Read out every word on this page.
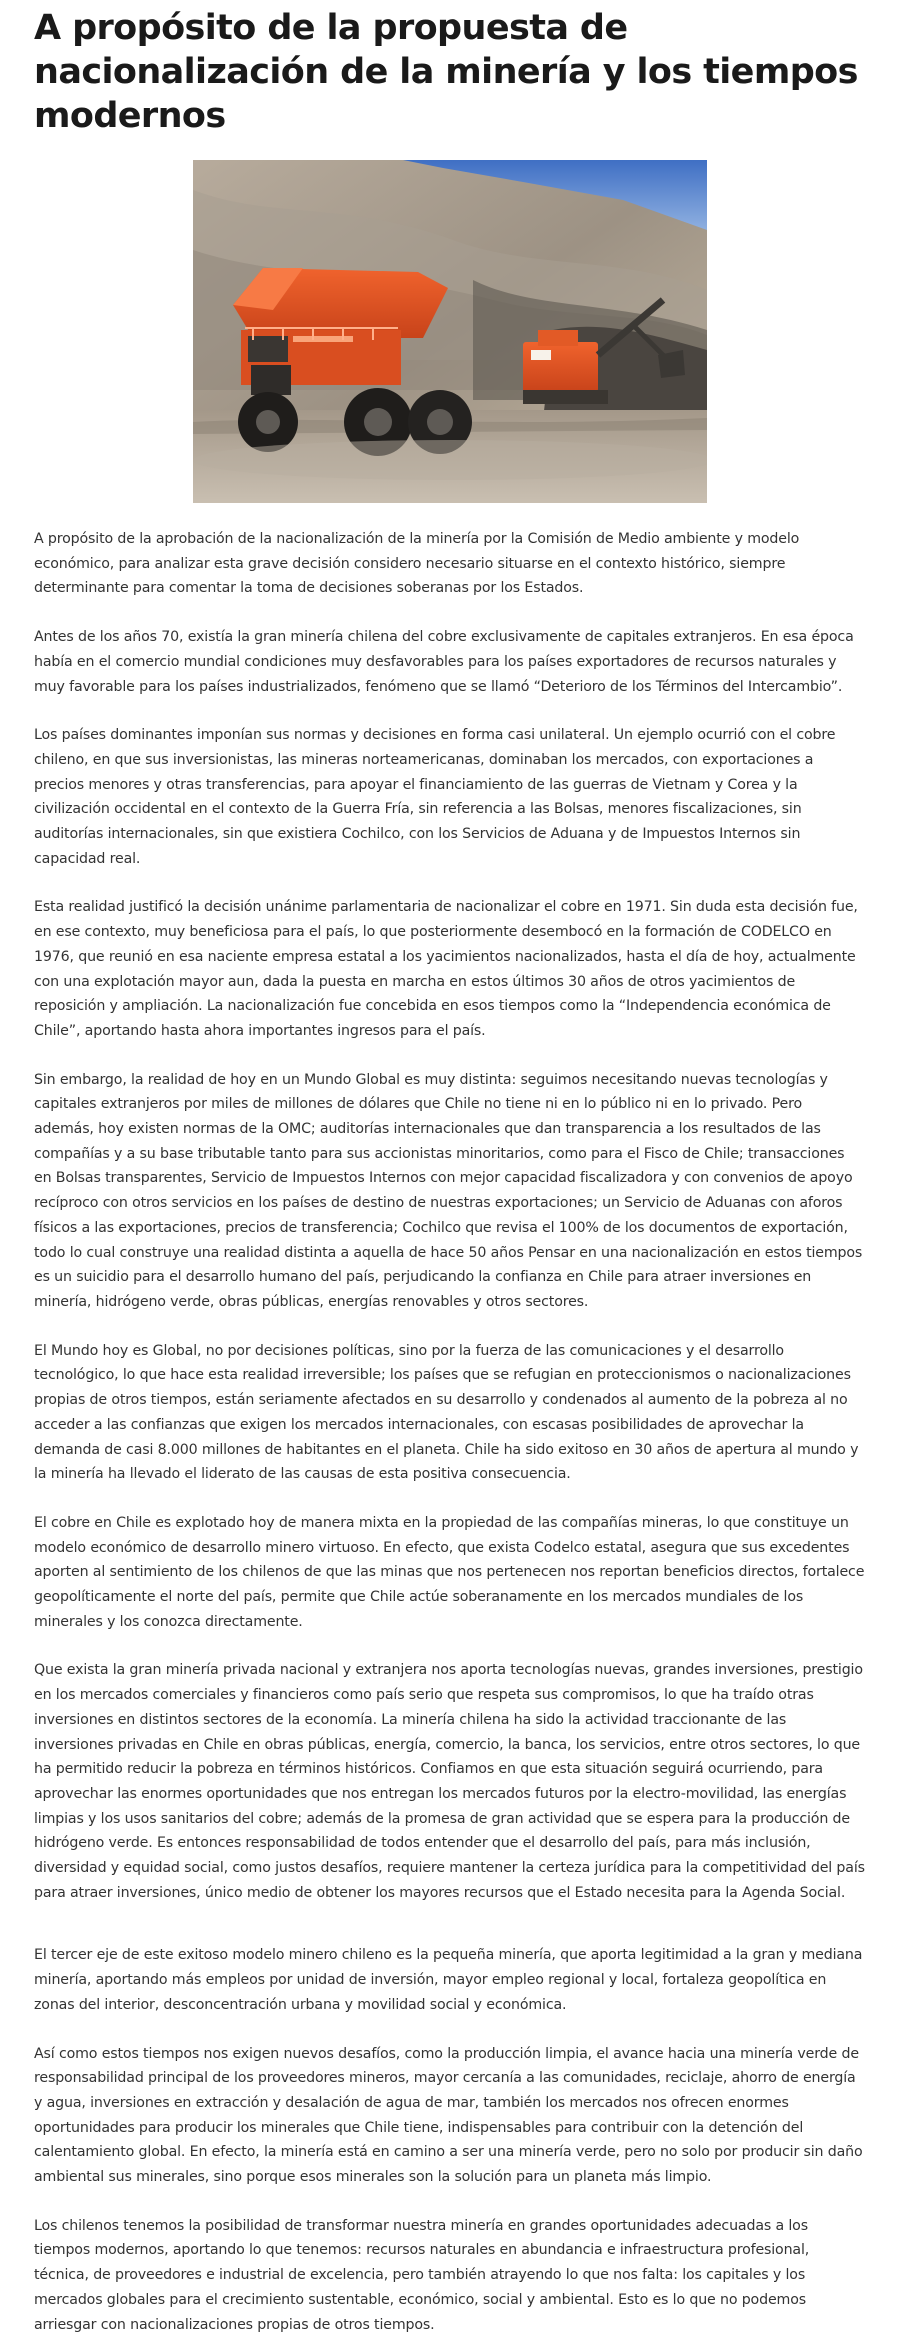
A propósito de la propuesta de nacionalización de la minería y los tiempos modernos

A propósito de la aprobación de la nacionalización de la minería por la Comisión de Medio ambiente y modelo económico, para analizar esta grave decisión considero necesario situarse en el contexto histórico, siempre determinante para comentar la toma de decisiones soberanas por los Estados.

Antes de los años 70, existía la gran minería chilena del cobre exclusivamente de capitales extranjeros. En esa época había en el comercio mundial condiciones muy desfavorables para los países exportadores de recursos naturales y muy favorable para los países industrializados, fenómeno que se llamó “Deterioro de los Términos del Intercambio”.

Los países dominantes imponían sus normas y decisiones en forma casi unilateral. Un ejemplo ocurrió con el cobre chileno, en que sus inversionistas, las mineras norteamericanas, dominaban los mercados, con exportaciones a precios menores y otras transferencias, para apoyar el financiamiento de las guerras de Vietnam y Corea y la civilización occidental en el contexto de la Guerra Fría, sin referencia a las Bolsas, menores fiscalizaciones, sin auditorías internacionales, sin que existiera Cochilco, con los Servicios de Aduana y de Impuestos Internos sin capacidad real.

Esta realidad justificó la decisión unánime parlamentaria de nacionalizar el cobre en 1971. Sin duda esta decisión fue, en ese contexto, muy beneficiosa para el país, lo que posteriormente desembocó en la formación de CODELCO en 1976, que reunió en esa naciente empresa estatal a los yacimientos nacionalizados, hasta el día de hoy, actualmente con una explotación mayor aun, dada la puesta en marcha en estos últimos 30 años de otros yacimientos de reposición y ampliación. La nacionalización fue concebida en esos tiempos como la “Independencia económica de Chile”, aportando hasta ahora importantes ingresos para el país.

Sin embargo, la realidad de hoy en un Mundo Global es muy distinta: seguimos necesitando nuevas tecnologías y capitales extranjeros por miles de millones de dólares que Chile no tiene ni en lo público ni en lo privado. Pero además, hoy existen normas de la OMC; auditorías internacionales que dan transparencia a los resultados de las compañías y a su base tributable tanto para sus accionistas minoritarios, como para el Fisco de Chile; transacciones en Bolsas transparentes, Servicio de Impuestos Internos con mejor capacidad fiscalizadora y con convenios de apoyo recíproco con otros servicios en los países de destino de nuestras exportaciones; un Servicio de Aduanas con aforos físicos a las exportaciones, precios de transferencia; Cochilco que revisa el 100% de los documentos de exportación, todo lo cual construye una realidad distinta a aquella de hace 50 años Pensar en una nacionalización en estos tiempos es un suicidio para el desarrollo humano del país, perjudicando la confianza en Chile para atraer inversiones en minería, hidrógeno verde, obras públicas, energías renovables y otros sectores.

El Mundo hoy es Global, no por decisiones políticas, sino por la fuerza de las comunicaciones y el desarrollo tecnológico, lo que hace esta realidad irreversible; los países que se refugian en proteccionismos o nacionalizaciones propias de otros tiempos, están seriamente afectados en su desarrollo y condenados al aumento de la pobreza al no acceder a las confianzas que exigen los mercados internacionales, con escasas posibilidades de aprovechar la demanda de casi 8.000 millones de habitantes en el planeta. Chile ha sido exitoso en 30 años de apertura al mundo y la minería ha llevado el liderato de las causas de esta positiva consecuencia.

El cobre en Chile es explotado hoy de manera mixta en la propiedad de las compañías mineras, lo que constituye un modelo económico de desarrollo minero virtuoso. En efecto, que exista Codelco estatal, asegura que sus excedentes aporten al sentimiento de los chilenos de que las minas que nos pertenecen nos reportan beneficios directos, fortalece geopolíticamente el norte del país, permite que Chile actúe soberanamente en los mercados mundiales de los minerales y los conozca directamente.

Que exista la gran minería privada nacional y extranjera nos aporta tecnologías nuevas, grandes inversiones, prestigio en los mercados comerciales y financieros como país serio que respeta sus compromisos, lo que ha traído otras inversiones en distintos sectores de la economía. La minería chilena ha sido la actividad traccionante de las inversiones privadas en Chile en obras públicas, energía, comercio, la banca, los servicios, entre otros sectores, lo que ha permitido reducir la pobreza en términos históricos. Confiamos en que esta situación seguirá ocurriendo, para aprovechar las enormes oportunidades que nos entregan los mercados futuros por la electro-movilidad, las energías limpias y los usos sanitarios del cobre; además de la promesa de gran actividad que se espera para la producción de hidrógeno verde. Es entonces responsabilidad de todos entender que el desarrollo del país, para más inclusión, diversidad y equidad social, como justos desafíos, requiere mantener la certeza jurídica para la competitividad del país para atraer inversiones, único medio de obtener los mayores recursos que el Estado necesita para la Agenda Social.

El tercer eje de este exitoso modelo minero chileno es la pequeña minería, que aporta legitimidad a la gran y mediana minería, aportando más empleos por unidad de inversión, mayor empleo regional y local, fortaleza geopolítica en zonas del interior, desconcentración urbana y movilidad social y económica.

Así como estos tiempos nos exigen nuevos desafíos, como la producción limpia, el avance hacia una minería verde de responsabilidad principal de los proveedores mineros, mayor cercanía a las comunidades, reciclaje, ahorro de energía y agua, inversiones en extracción y desalación de agua de mar, también los mercados nos ofrecen enormes oportunidades para producir los minerales que Chile tiene, indispensables para contribuir con la detención del calentamiento global. En efecto, la minería está en camino a ser una minería verde, pero no solo por producir sin daño ambiental sus minerales, sino porque esos minerales son la solución para un planeta más limpio.

Los chilenos tenemos la posibilidad de transformar nuestra minería en grandes oportunidades adecuadas a los tiempos modernos, aportando lo que tenemos: recursos naturales en abundancia e infraestructura profesional, técnica, de proveedores e industrial de excelencia, pero también atrayendo lo que nos falta: los capitales y los mercados globales para el crecimiento sustentable, económico, social y ambiental. Esto es lo que no podemos arriesgar con nacionalizaciones propias de otros tiempos.
